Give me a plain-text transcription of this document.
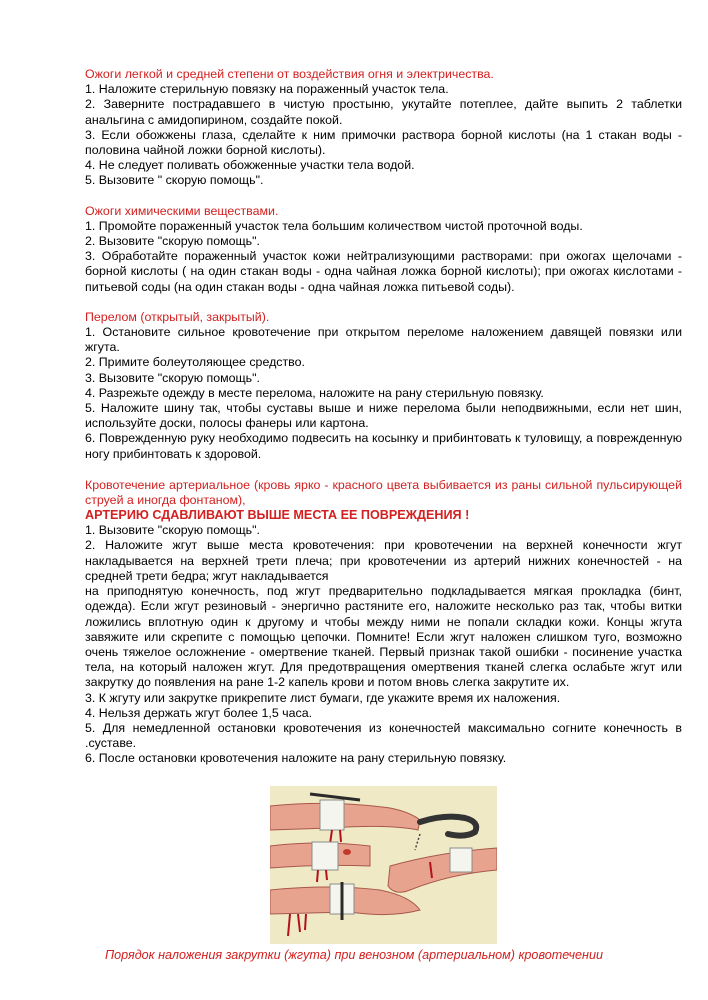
Ожоги легкой и средней степени от воздействия огня и электричества.
1. Наложите стерильную повязку на пораженный участок тела.
2. Заверните пострадавшего в чистую простыню, укутайте потеплее, дайте выпить 2 таблетки анальгина с амидопирином, создайте покой.
3. Если обожжены глаза, сделайте к ним примочки раствора борной кислоты (на 1 стакан воды - половина чайной ложки борной кислоты).
4. Не следует поливать обожженные участки тела водой.
5. Вызовите " скорую помощь".
Ожоги химическими веществами.
1. Промойте пораженный участок тела большим количеством чистой проточной воды.
2. Вызовите "скорую помощь".
3. Обработайте пораженный участок кожи нейтрализующими растворами: при ожогах щелочами - борной кислоты ( на один стакан воды - одна чайная ложка борной кислоты); при ожогах кислотами - питьевой соды (на один стакан воды - одна чайная ложка питьевой соды).
Перелом (открытый, закрытый).
1. Остановите сильное кровотечение при открытом переломе наложением давящей повязки или жгута.
2. Примите болеутоляющее средство.
3. Вызовите "скорую помощь".
4. Разрежьте одежду в месте перелома, наложите на рану стерильную повязку.
5. Наложите шину так, чтобы суставы выше и ниже перелома были неподвижными, если нет шин, используйте доски, полосы фанеры или картона.
6. Поврежденную руку необходимо подвесить на косынку и прибинтовать к туловищу, а поврежденную ногу прибинтовать к здоровой.
Кровотечение артериальное (кровь ярко - красного цвета выбивается из раны сильной пульсирующей струей а иногда фонтаном),
АРТЕРИЮ СДАВЛИВАЮТ ВЫШЕ МЕСТА ЕЕ ПОВРЕЖДЕНИЯ !
1. Вызовите "скорую помощь".
2. Наложите жгут выше места кровотечения: при кровотечении на верхней конечности жгут накладывается на верхней трети плеча; при кровотечении из артерий нижних конечностей - на средней трети бедра; жгут накладывается
на приподнятую конечность, под жгут предварительно подкладывается мягкая прокладка (бинт, одежда). Если жгут резиновый - энергично растяните его, наложите несколько раз так, чтобы витки ложились вплотную один к другому и чтобы между ними не попали складки кожи. Концы жгута завяжите или скрепите с помощью цепочки. Помните! Если жгут наложен слишком туго, возможно очень тяжелое осложнение - омертвение тканей. Первый признак такой ошибки - посинение участка тела, на который наложен жгут. Для предотвращения омертвения тканей слегка ослабьте жгут или закрутку до появления на ране 1-2 капель крови и потом вновь слегка закрутите их.
3. К жгуту или закрутке прикрепите лист бумаги, где укажите время их наложения.
4. Нельзя держать жгут более 1,5 часа.
5. Для немедленной остановки кровотечения из конечностей максимально согните конечность в .суставе.
6. После остановки кровотечения наложите на рану стерильную повязку.
Порядок наложения закрутки (жгута) при венозном (артериальном) кровотечении
